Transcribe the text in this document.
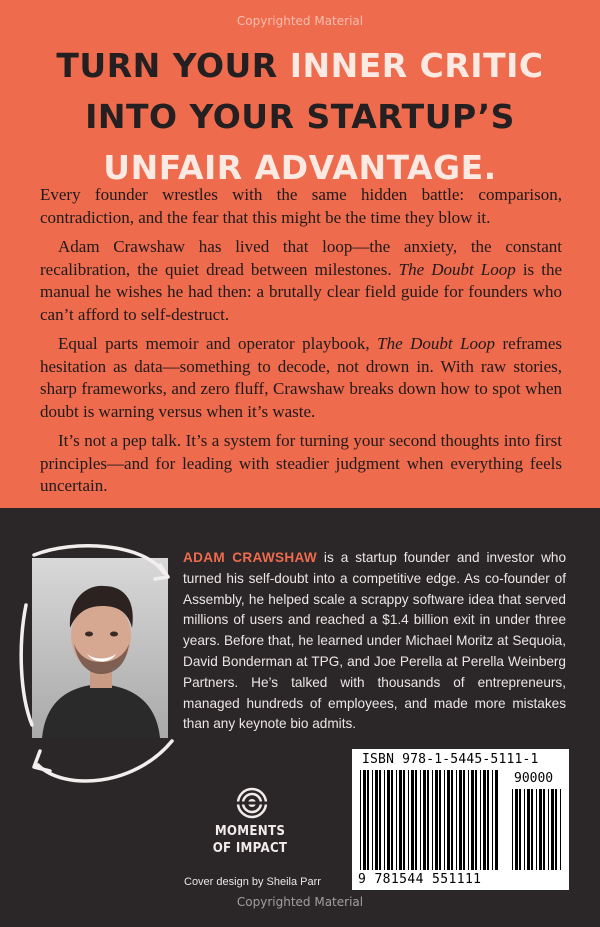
Copyrighted Material
TURN YOUR INNER CRITIC
INTO YOUR STARTUP’S
UNFAIR ADVANTAGE.

Every founder wrestles with the same hidden battle: comparison, contradiction, and the fear that this might be the time they blow it.

Adam Crawshaw has lived that loop—the anxiety, the constant recalibration, the quiet dread between milestones. The Doubt Loop is the manual he wishes he had then: a brutally clear field guide for founders who can’t afford to self-destruct.

Equal parts memoir and operator playbook, The Doubt Loop reframes hesitation as data—something to decode, not drown in. With raw stories, sharp frameworks, and zero fluff, Crawshaw breaks down how to spot when doubt is warning versus when it’s waste.

It’s not a pep talk. It’s a system for turning your second thoughts into first principles—and for leading with steadier judgment when everything feels uncertain.

ADAM CRAWSHAW is a startup founder and investor who turned his self-doubt into a competitive edge. As co-founder of Assembly, he helped scale a scrappy software idea that served millions of users and reached a $1.4 billion exit in under three years. Before that, he learned under Michael Moritz at Sequoia, David Bonderman at TPG, and Joe Perella at Perella Weinberg Partners. He’s talked with thousands of entrepreneurs, managed hundreds of employees, and made more mistakes than any keynote bio admits.
ISBN 978-1-5445-5111-1
90000
9 781544 551111
MOMENTS
OF IMPACT
Cover design by Sheila Parr
Copyrighted Material
